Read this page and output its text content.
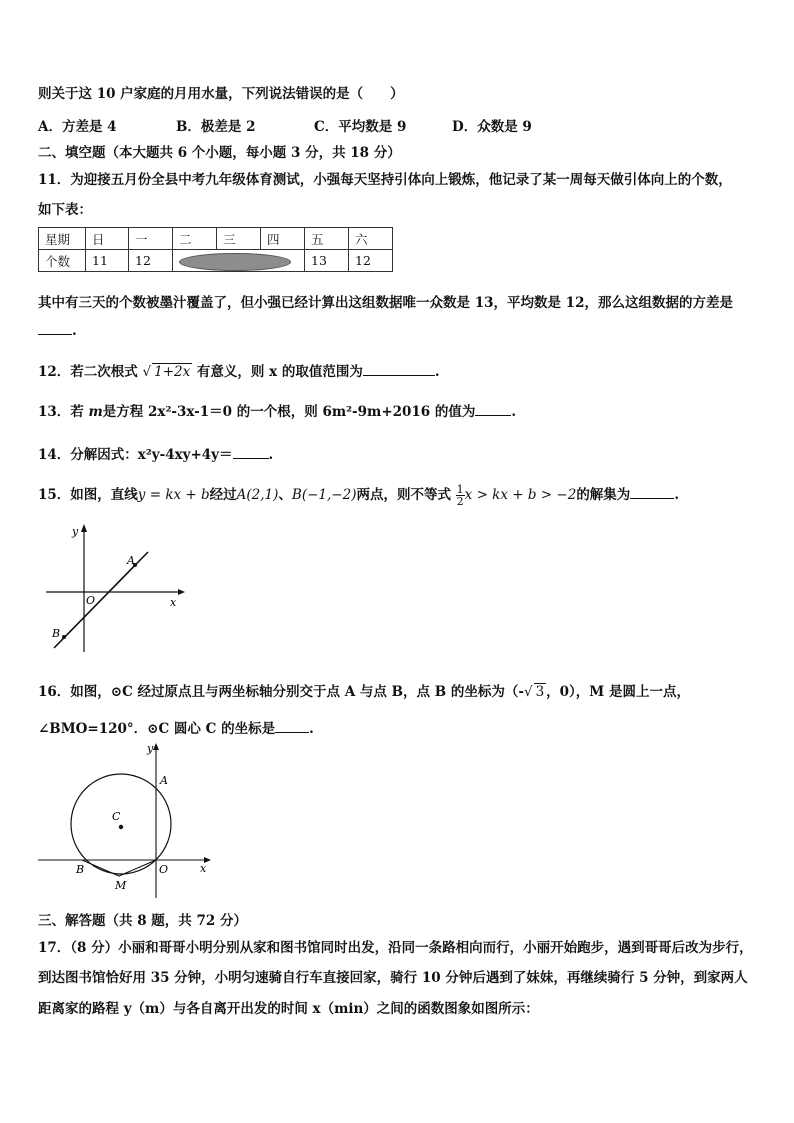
则关于这 10 户家庭的月用水量，下列说法错误的是（　　）
A．方差是 4	B．极差是 2	C．平均数是 9	D．众数是 9
二、填空题（本大题共 6 个小题，每小题 3 分，共 18 分）
11．为迎接五月份全县中考九年级体育测试，小强每天坚持引体向上锻炼，他记录了某一周每天做引体向上的个数，
如下表：
星期	日	一	二	三	四	五	六
个数	11	12				13	12
其中有三天的个数被墨汁覆盖了，但小强已经计算出这组数据唯一众数是 13，平均数是 12，那么这组数据的方差是
.
12．若二次根式 √ 1+2x 有意义，则 x 的取值范围为	.
13．若 m是方程 2x²-3x-1＝0 的一个根，则 6m²-9m+2016 的值为	.
14．分解因式：x²y-4xy+4y＝	.
15．如图，直线y = kx + b经过A(2,1)、B(−1,−2)两点，则不等式 $\frac{1}{2}$ x > kx + b > −2的解集为	.
y
x
O
A
B
16．如图，⊙C 经过原点且与两坐标轴分别交于点 A 与点 B，点 B 的坐标为（-√ 3 ，0），M 是圆上一点，
∠BMO=120°．⊙C 圆心 C 的坐标是	.
y
x
A
C
B	O
M
三、解答题（共 8 题，共 72 分）
17．（8 分）小丽和哥哥小明分别从家和图书馆同时出发，沿同一条路相向而行，小丽开始跑步，遇到哥哥后改为步行，
到达图书馆恰好用 35 分钟，小明匀速骑自行车直接回家，骑行 10 分钟后遇到了妹妹，再继续骑行 5 分钟，到家两人
距离家的路程 y（m）与各自离开出发的时间 x（min）之间的函数图象如图所示：
